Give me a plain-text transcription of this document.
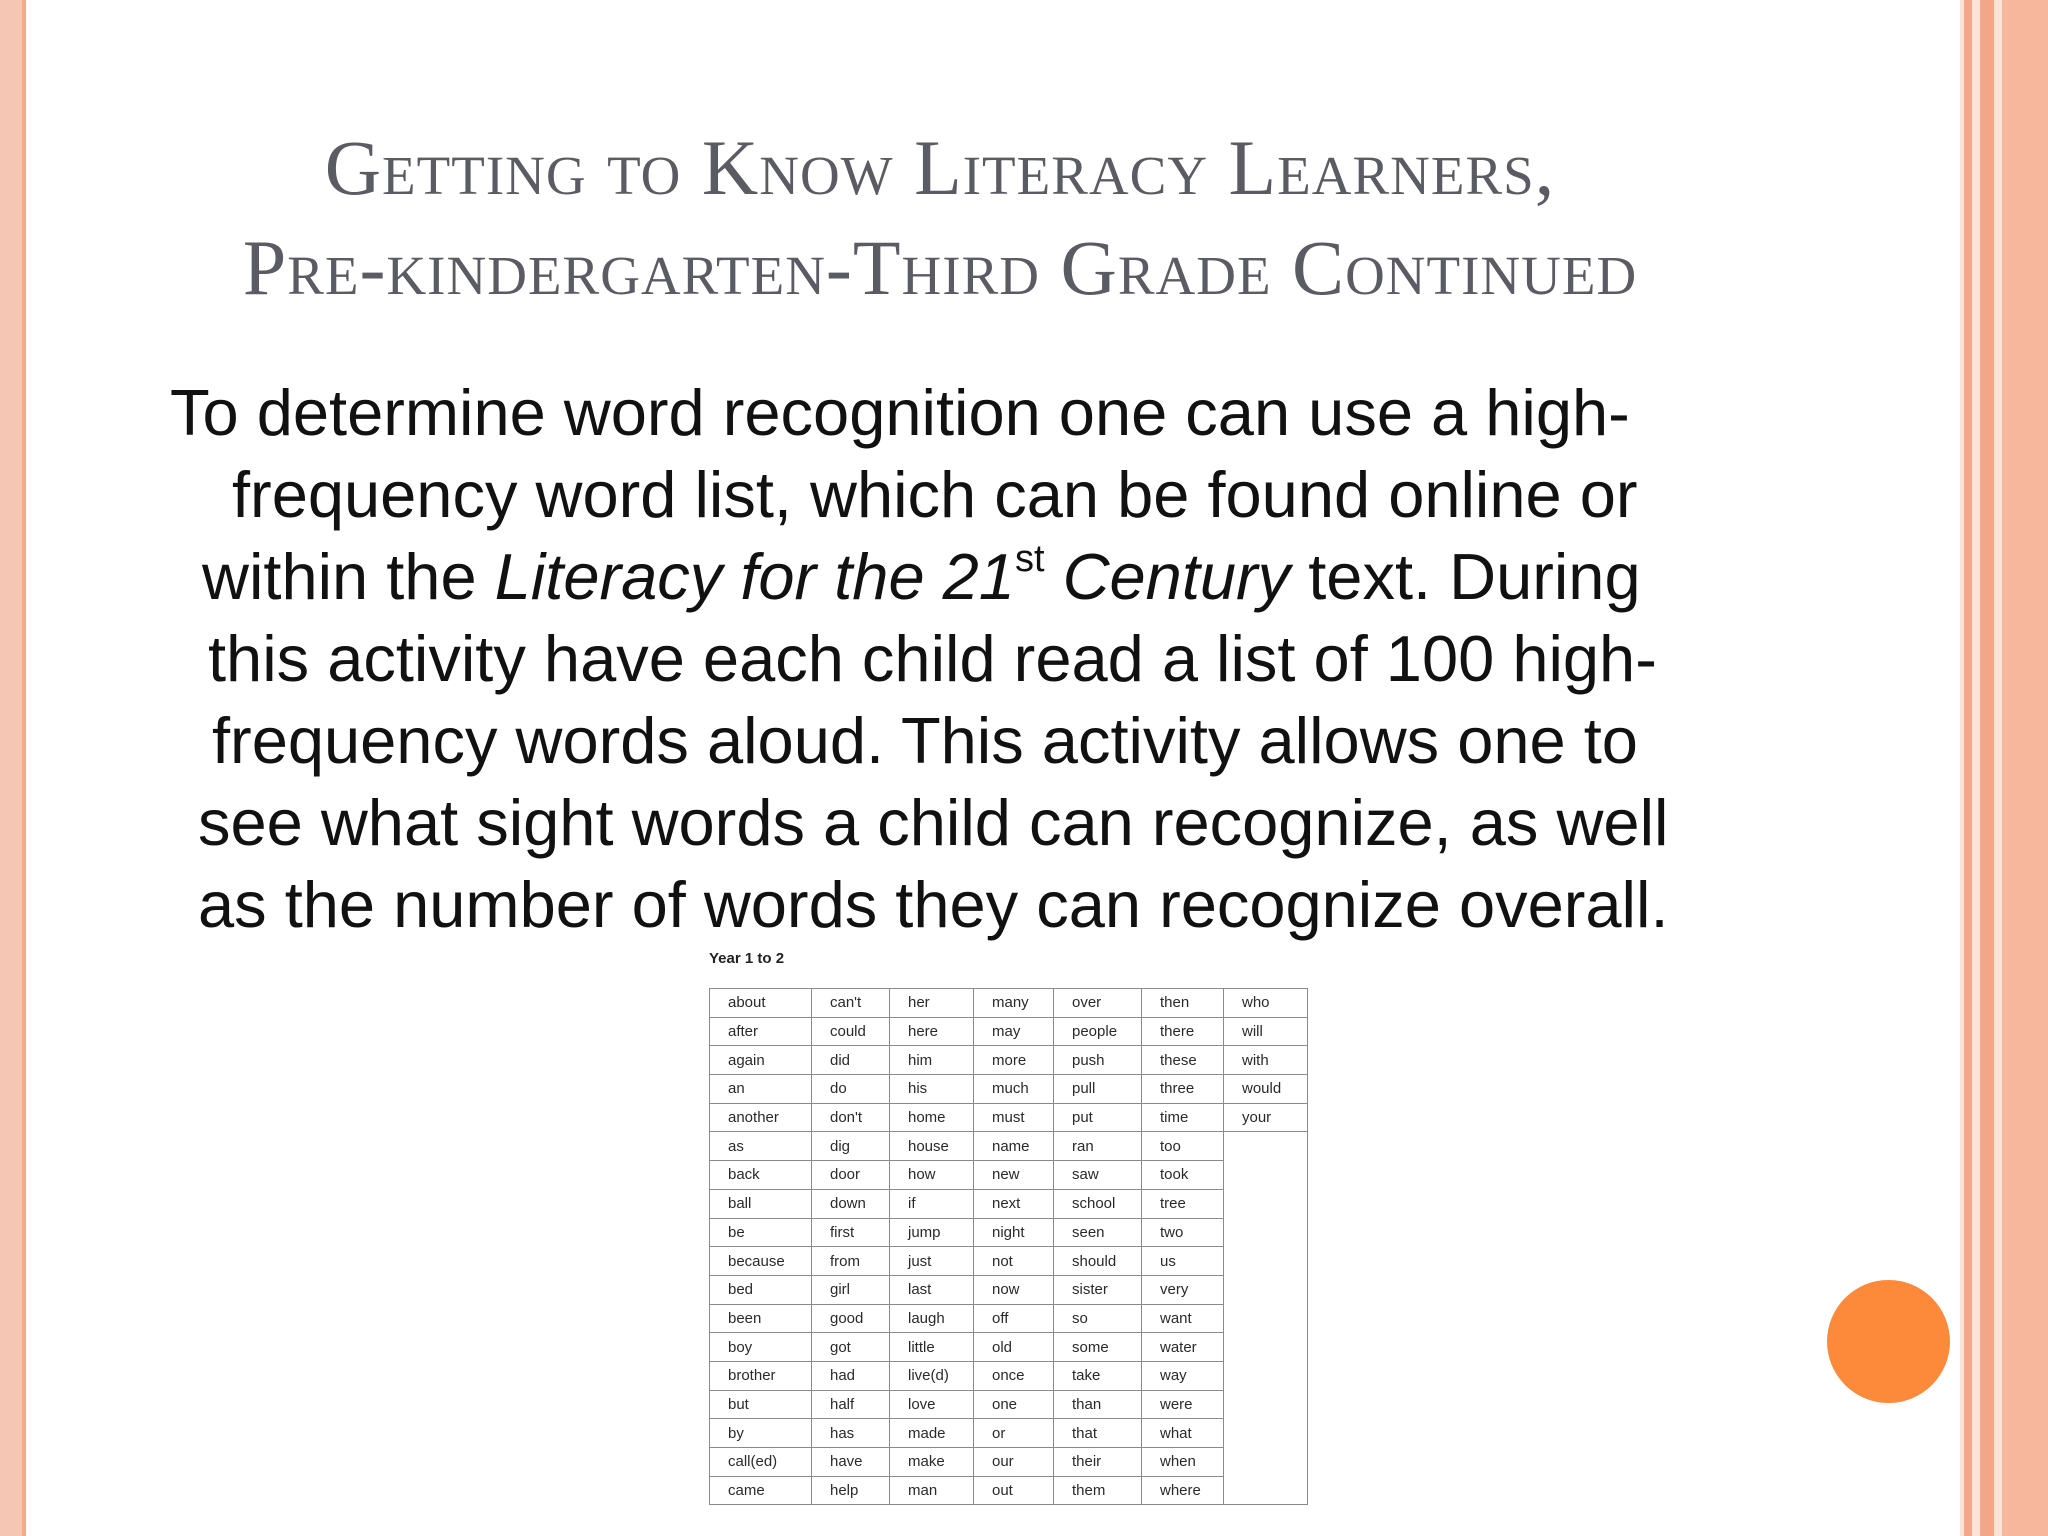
Getting to Know Literacy Learners,
Pre-kindergarten-Third Grade Continued
To determine word recognition one can use a high-
frequency word list, which can be found online or
within the Literacy for the 21st Century text. During
this activity have each child read a list of 100 high-
frequency words aloud. This activity allows one to
see what sight words a child can recognize, as well
as the number of words they can recognize overall.
Year 1 to 2
about	can't	her	many	over	then	who
after	could	here	may	people	there	will
again	did	him	more	push	these	with
an	do	his	much	pull	three	would
another	don't	home	must	put	time	your
as	dig	house	name	ran	too	
back	door	how	new	saw	took	
ball	down	if	next	school	tree	
be	first	jump	night	seen	two	
because	from	just	not	should	us	
bed	girl	last	now	sister	very	
been	good	laugh	off	so	want	
boy	got	little	old	some	water	
brother	had	live(d)	once	take	way	
but	half	love	one	than	were	
by	has	made	or	that	what	
call(ed)	have	make	our	their	when	
came	help	man	out	them	where	
